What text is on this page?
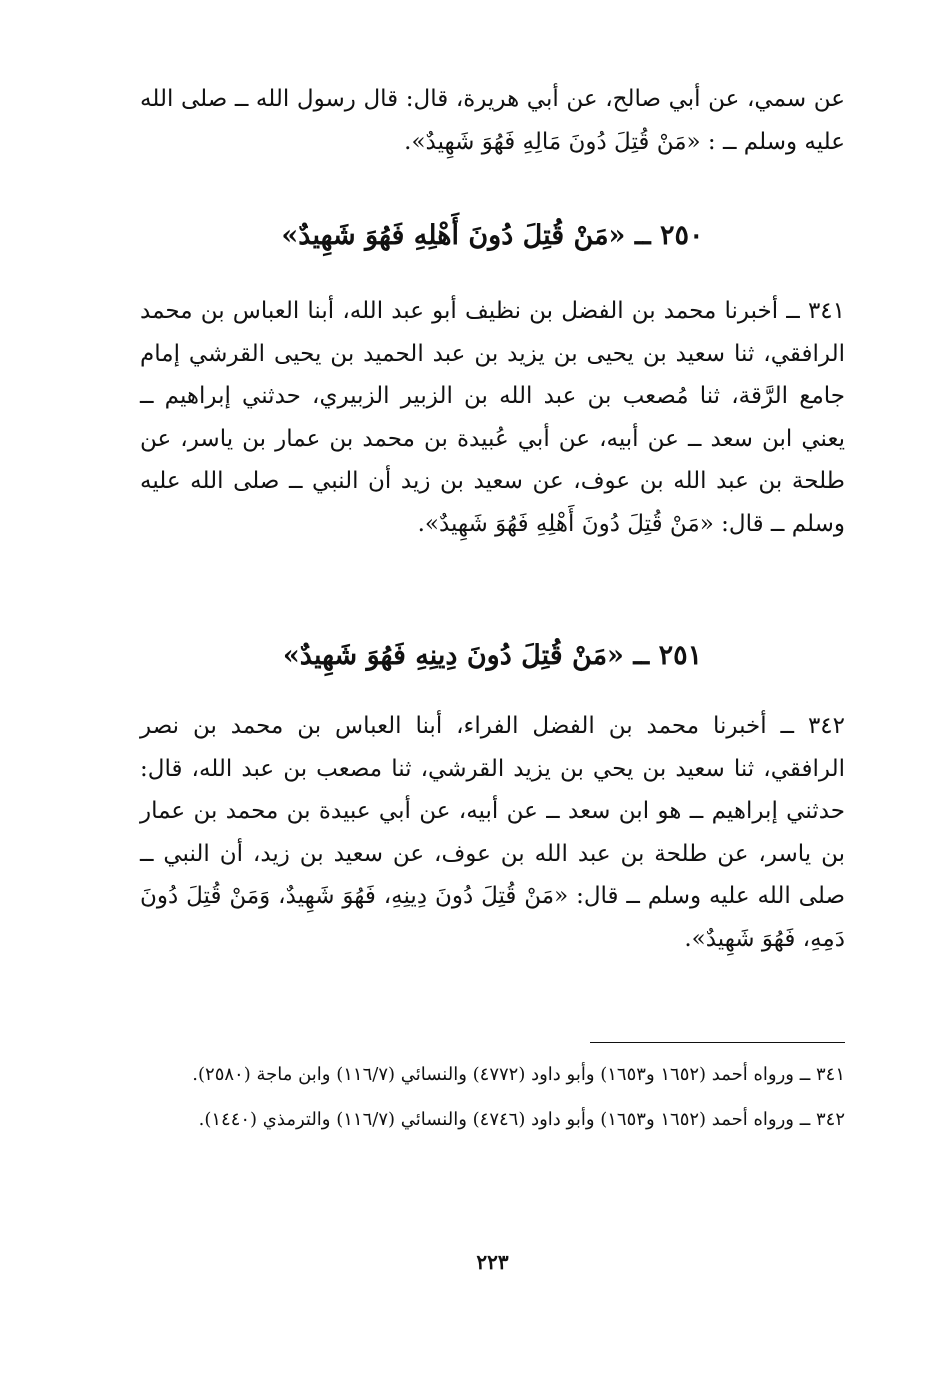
عن سمي، عن أبي صالح، عن أبي هريرة، قال: قال رسول الله ــ صلى الله عليه وسلم ــ : «مَنْ قُتِلَ دُونَ مَالِهِ فَهُوَ شَهِيدٌ».

٢٥٠ ــ «مَنْ قُتِلَ دُونَ أَهْلِهِ فَهُوَ شَهِيدٌ»

٣٤١ ــ أخبرنا محمد بن الفضل بن نظيف أبو عبد الله، أبنا العباس بن محمد الرافقي، ثنا سعيد بن يحيى بن يزيد بن عبد الحميد بن يحيى القرشي إمام جامع الرَّقة، ثنا مُصعب بن عبد الله بن الزبير الزبيري، حدثني إبراهيم ــ يعني ابن سعد ــ عن أبيه، عن أبي عُبيدة بن محمد بن عمار بن ياسر، عن طلحة بن عبد الله بن عوف، عن سعيد بن زيد أن النبي ــ صلى الله عليه وسلم ــ قال: «مَنْ قُتِلَ دُونَ أَهْلِهِ فَهُوَ شَهِيدٌ».

٢٥١ ــ «مَنْ قُتِلَ دُونَ دِينِهِ فَهُوَ شَهِيدٌ»

٣٤٢ ــ أخبرنا محمد بن الفضل الفراء، أبنا العباس بن محمد بن نصر الرافقي، ثنا سعيد بن يحي بن يزيد القرشي، ثنا مصعب بن عبد الله، قال: حدثني إبراهيم ــ هو ابن سعد ــ عن أبيه، عن أبي عبيدة بن محمد بن عمار بن ياسر، عن طلحة بن عبد الله بن عوف، عن سعيد بن زيد، أن النبي ــ صلى الله عليه وسلم ــ قال: «مَنْ قُتِلَ دُونَ دِينِهِ، فَهُوَ شَهِيدٌ، وَمَنْ قُتِلَ دُونَ دَمِهِ، فَهُوَ شَهِيدٌ».

٣٤١ ــ ورواه أحمد (١٦٥٢ و١٦٥٣) وأبو داود (٤٧٧٢) والنسائي (١١٦/٧) وابن ماجة (٢٥٨٠).

٣٤٢ ــ ورواه أحمد (١٦٥٢ و١٦٥٣) وأبو داود (٤٧٤٦) والنسائي (١١٦/٧) والترمذي (١٤٤٠).

٢٢٣
